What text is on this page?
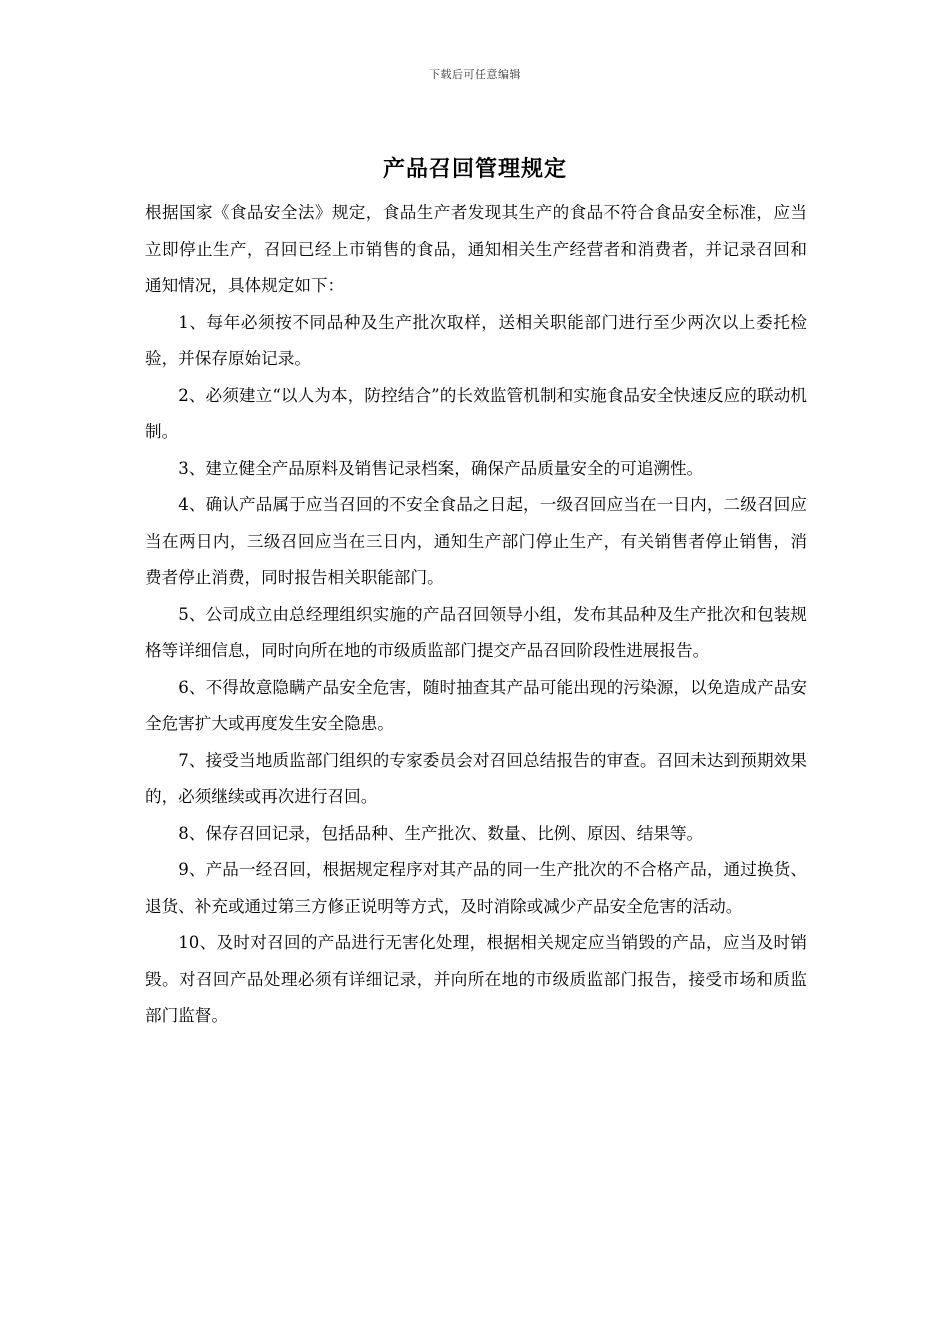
下载后可任意编辑
产品召回管理规定

根据国家《食品安全法》规定，食品生产者发现其生产的食品不符合食品安全标准，应当立即停止生产，召回已经上市销售的食品，通知相关生产经营者和消费者，并记录召回和通知情况，具体规定如下：

1、每年必须按不同品种及生产批次取样，送相关职能部门进行至少两次以上委托检验，并保存原始记录。

2、必须建立“以人为本，防控结合”的长效监管机制和实施食品安全快速反应的联动机制。

3、建立健全产品原料及销售记录档案，确保产品质量安全的可追溯性。

4、确认产品属于应当召回的不安全食品之日起，一级召回应当在一日内，二级召回应当在两日内，三级召回应当在三日内，通知生产部门停止生产，有关销售者停止销售，消费者停止消费，同时报告相关职能部门。

5、公司成立由总经理组织实施的产品召回领导小组，发布其品种及生产批次和包装规格等详细信息，同时向所在地的市级质监部门提交产品召回阶段性进展报告。

6、不得故意隐瞒产品安全危害，随时抽查其产品可能出现的污染源，以免造成产品安全危害扩大或再度发生安全隐患。

7、接受当地质监部门组织的专家委员会对召回总结报告的审查。召回未达到预期效果的，必须继续或再次进行召回。

8、保存召回记录，包括品种、生产批次、数量、比例、原因、结果等。

9、产品一经召回，根据规定程序对其产品的同一生产批次的不合格产品，通过换货、退货、补充或通过第三方修正说明等方式，及时消除或减少产品安全危害的活动。

10、及时对召回的产品进行无害化处理，根据相关规定应当销毁的产品，应当及时销毁。对召回产品处理必须有详细记录，并向所在地的市级质监部门报告，接受市场和质监部门监督。
